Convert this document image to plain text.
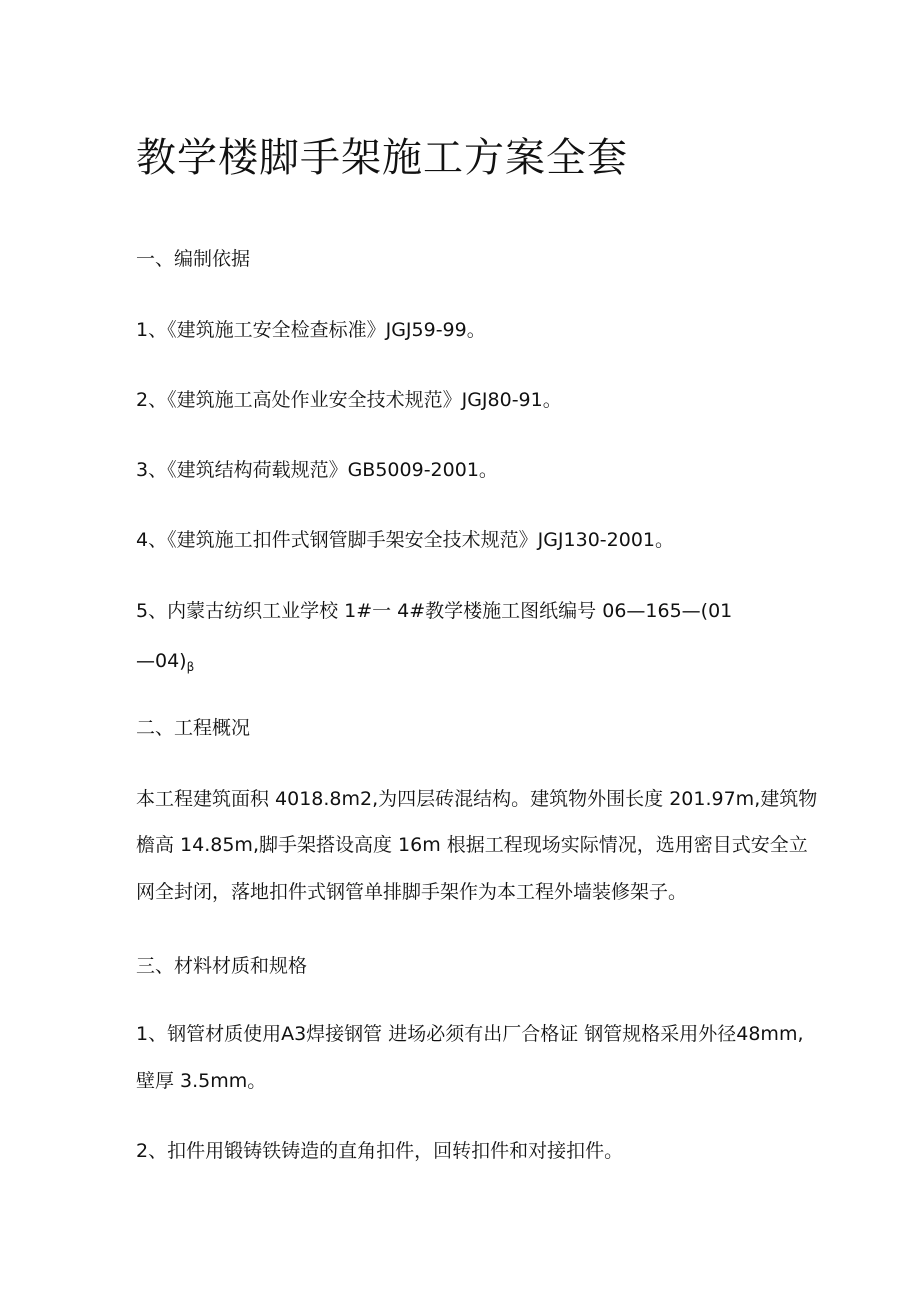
教学楼脚手架施工方案全套

一、编制依据

1、《建筑施工安全检查标准》JGJ59-99。

2、《建筑施工高处作业安全技术规范》JGJ80-91。

3、《建筑结构荷载规范》GB5009-2001。

4、《建筑施工扣件式钢管脚手架安全技术规范》JGJ130-2001。

5、内蒙古纺织工业学校 1#一 4#教学楼施工图纸编号 06—165—(01

$—04)_\beta$

二、工程概况

本工程建筑面积 4018.8m2,为四层砖混结构。建筑物外围长度 201.97m,建筑物

檐高 14.85m,脚手架搭设高度 16m 根据工程现场实际情况，选用密目式安全立

网全封闭，落地扣件式钢管单排脚手架作为本工程外墙装修架子。

三、材料材质和规格

1、钢管材质使用A3焊接钢管 进场必须有出厂合格证 钢管规格采用外径48mm,

壁厚 3.5mm。

2、扣件用锻铸铁铸造的直角扣件，回转扣件和对接扣件。
